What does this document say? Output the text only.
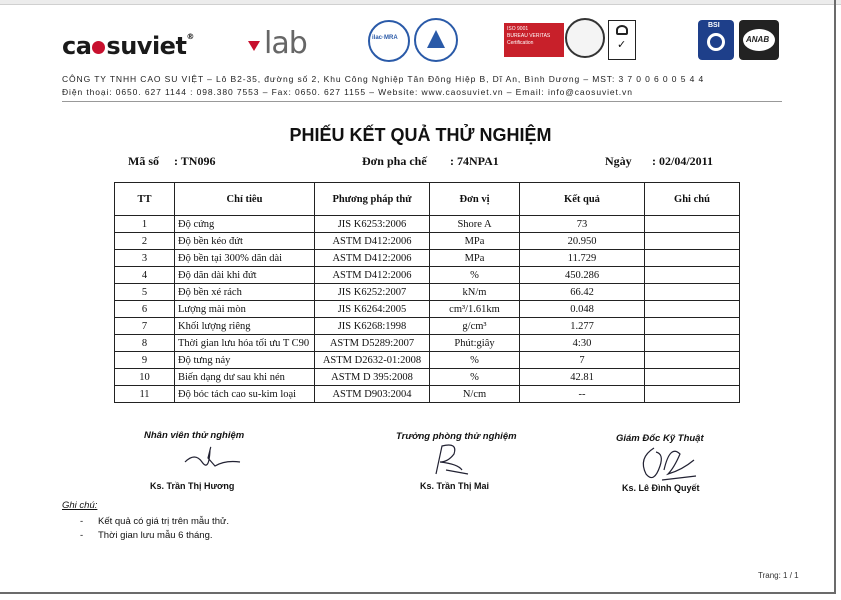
ca suviet®	lab	ilac·MRA
ISO 9001
BUREAU VERITAS
Certification	✓
BSI
ANAB
CÔNG TY TNHH CAO SU VIỆT – Lô B2-35, đường số 2, Khu Công Nghiệp Tân Đông Hiệp B, Dĩ An, Bình Dương – MST: 3 7 0 0 6 0 0 5 4 4
Điện thoại: 0650. 627 1144 : 098.380 7553 – Fax: 0650. 627 1155 – Website: www.caosuviet.vn – Email: info@caosuviet.vn
PHIẾU KẾT QUẢ THỬ NGHIỆM
Mã số : TN096	Đơn pha chế : 74NPA1	Ngày : 02/04/2011
TT	Chỉ tiêu	Phương pháp thử	Đơn vị	Kết quả	Ghi chú
1	Độ cứng	JIS K6253:2006	Shore A	73	
2	Độ bền kéo đứt	ASTM D412:2006	MPa	20.950	
3	Độ bền tại 300% dãn dài	ASTM D412:2006	MPa	11.729	
4	Độ dãn dài khi đứt	ASTM D412:2006	%	450.286	
5	Độ bền xé rách	JIS K6252:2007	kN/m	66.42	
6	Lượng mài mòn	JIS K6264:2005	cm³/1.61km	0.048	
7	Khối lượng riêng	JIS K6268:1998	g/cm³	1.277	
8	Thời gian lưu hóa tối ưu T C90	ASTM D5289:2007	Phút:giây	4:30	
9	Độ tưng nảy	ASTM D2632-01:2008	%	7	
10	Biến dạng dư sau khi nén	ASTM D 395:2008	%	42.81	
11	Độ bóc tách cao su-kim loại	ASTM D903:2004	N/cm	--	
Nhân viên thử nghiệm
Ks. Trần Thị Hương
Trưởng phòng thử nghiệm
Ks. Trần Thị Mai
Giám Đốc Kỹ Thuật
Ks. Lê Đình Quyết
Ghi chú:
- Kết quả có giá trị trên mẫu thử.
- Thời gian lưu mẫu 6 tháng.
Trang: 1 / 1
